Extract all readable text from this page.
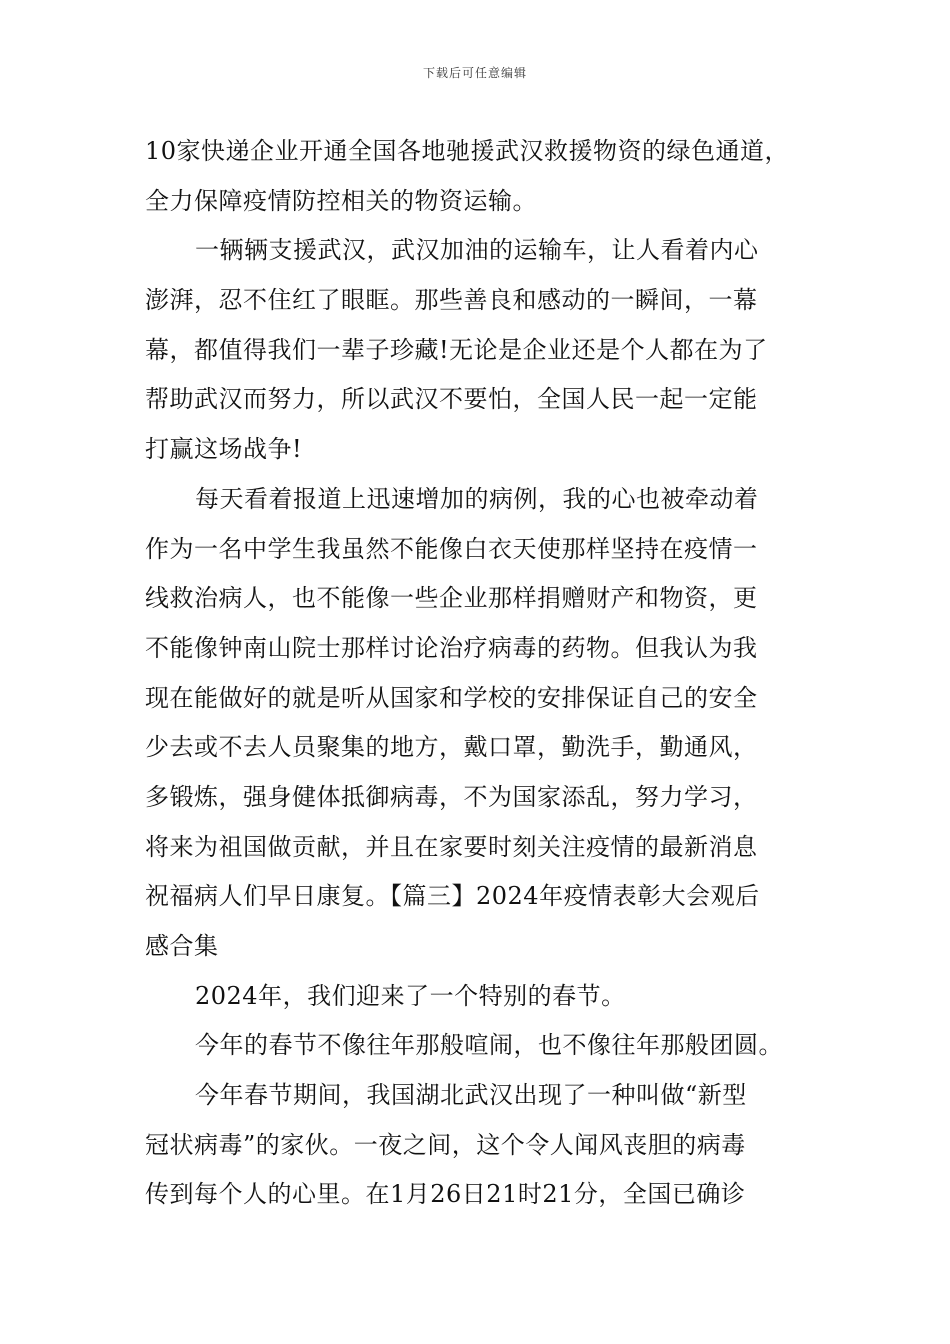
下载后可任意编辑
10家快递企业开通全国各地驰援武汉救援物资的绿色通道，
全力保障疫情防控相关的物资运输。
一辆辆支援武汉，武汉加油的运输车，让人看着内心
澎湃，忍不住红了眼眶。那些善良和感动的一瞬间，一幕
幕，都值得我们一辈子珍藏!无论是企业还是个人都在为了
帮助武汉而努力，所以武汉不要怕，全国人民一起一定能
打赢这场战争!
每天看着报道上迅速增加的病例，我的心也被牵动着
作为一名中学生我虽然不能像白衣天使那样坚持在疫情一
线救治病人，也不能像一些企业那样捐赠财产和物资，更
不能像钟南山院士那样讨论治疗病毒的药物。但我认为我
现在能做好的就是听从国家和学校的安排保证自己的安全
少去或不去人员聚集的地方，戴口罩，勤洗手，勤通风，
多锻炼，强身健体抵御病毒，不为国家添乱，努力学习，
将来为祖国做贡献，并且在家要时刻关注疫情的最新消息
祝福病人们早日康复。【篇三】2024年疫情表彰大会观后
感合集
2024年，我们迎来了一个特别的春节。
今年的春节不像往年那般喧闹，也不像往年那般团圆。
今年春节期间，我国湖北武汉出现了一种叫做“新型
冠状病毒”的家伙。一夜之间，这个令人闻风丧胆的病毒
传到每个人的心里。在1月26日21时21分，全国已确诊
